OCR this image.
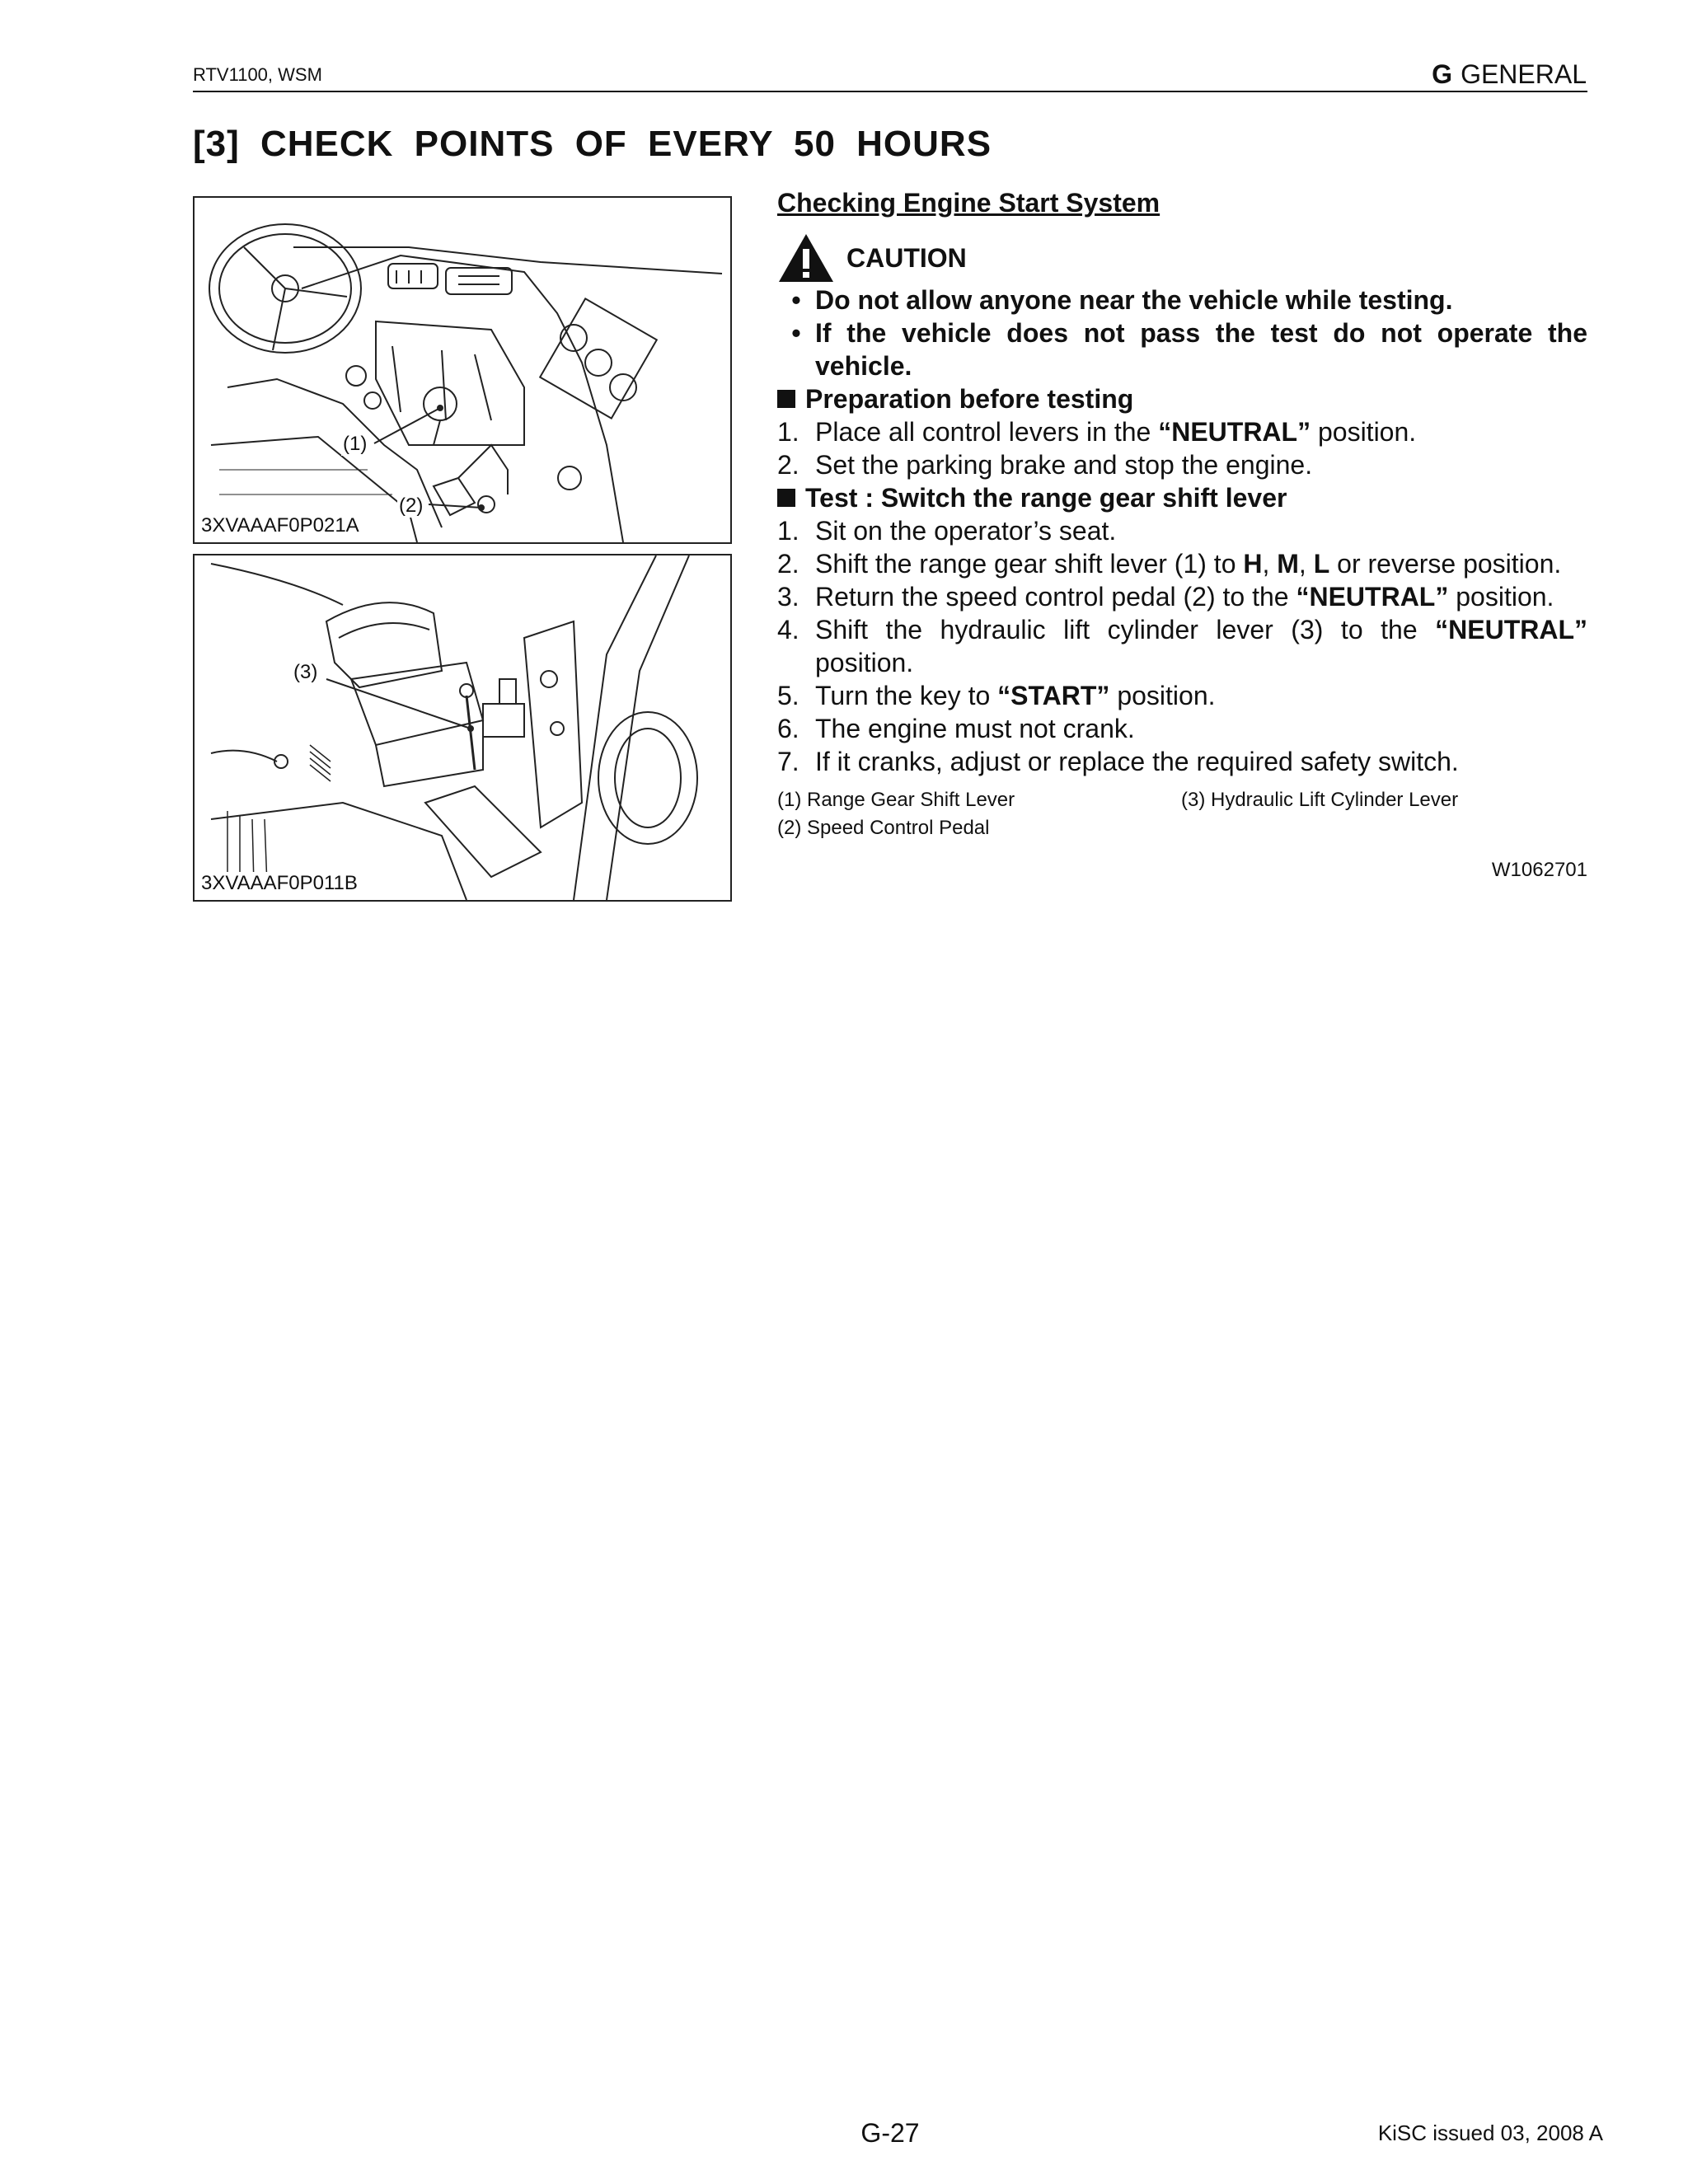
RTV1100, WSM	G GENERAL
[3] CHECK POINTS OF EVERY 50 HOURS
(1)
(2)
3XVAAAF0P021A
(3)
3XVAAAF0P011B
Checking Engine Start System
CAUTION
• Do not allow anyone near the vehicle while testing.
• If the vehicle does not pass the test do not operate the vehicle.
Preparation before testing
1. Place all control levers in the “NEUTRAL” position.
2. Set the parking brake and stop the engine.
Test : Switch the range gear shift lever
1. Sit on the operator’s seat.
2. Shift the range gear shift lever (1) to H, M, L or reverse position.
3. Return the speed control pedal (2) to the “NEUTRAL” position.
4. Shift the hydraulic lift cylinder lever (3) to the “NEUTRAL” position.
5. Turn the key to “START” position.
6. The engine must not crank.
7. If it cranks, adjust or replace the required safety switch.
(1) Range Gear Shift Lever	(3) Hydraulic Lift Cylinder Lever
(2) Speed Control Pedal
W1062701
G-27	KiSC issued 03, 2008 A
